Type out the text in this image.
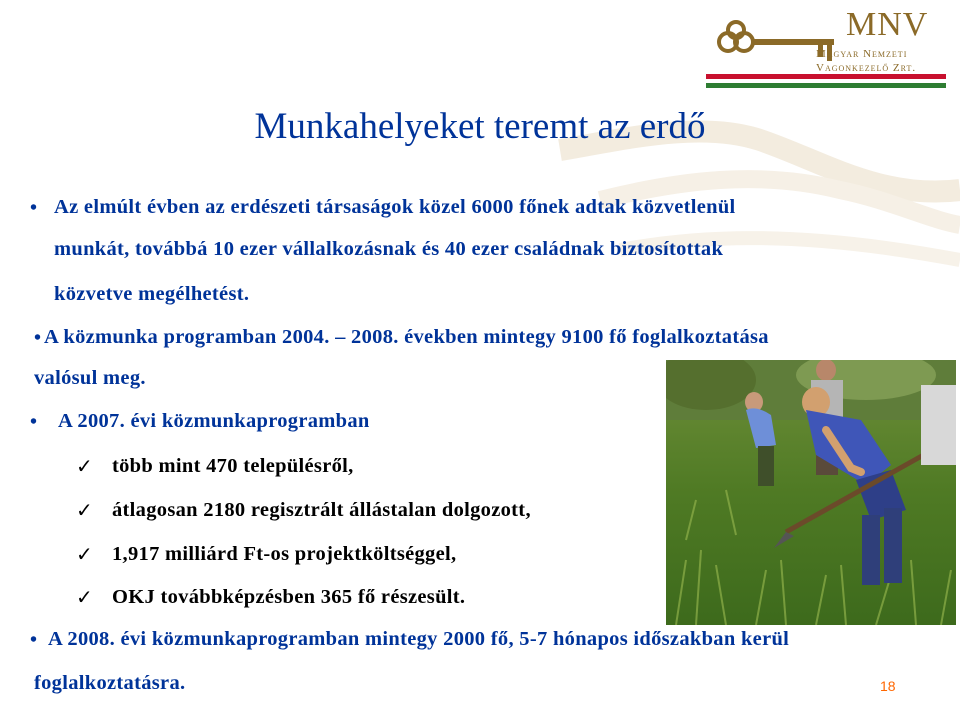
MNV
Magyar Nemzeti
Vagonkezelő Zrt.
Munkahelyeket teremt az erdő
• Az elmúlt évben az erdészeti társaságok közel 6000 főnek adtak közvetlenül
munkát, továbbá 10 ezer vállalkozásnak és 40 ezer családnak biztosítottak
közvetve megélhetést.
• A közmunka programban 2004. – 2008. években mintegy 9100 fő foglalkoztatása
valósul meg.
• A 2007. évi közmunkaprogramban
✓ több mint 470 településről,
✓ átlagosan 2180 regisztrált állástalan dolgozott,
✓ 1,917 milliárd Ft-os projektköltséggel,
✓ OKJ továbbképzésben 365 fő részesült.
• A 2008. évi közmunkaprogramban mintegy 2000 fő, 5-7 hónapos időszakban kerül
foglalkoztatásra.	18
